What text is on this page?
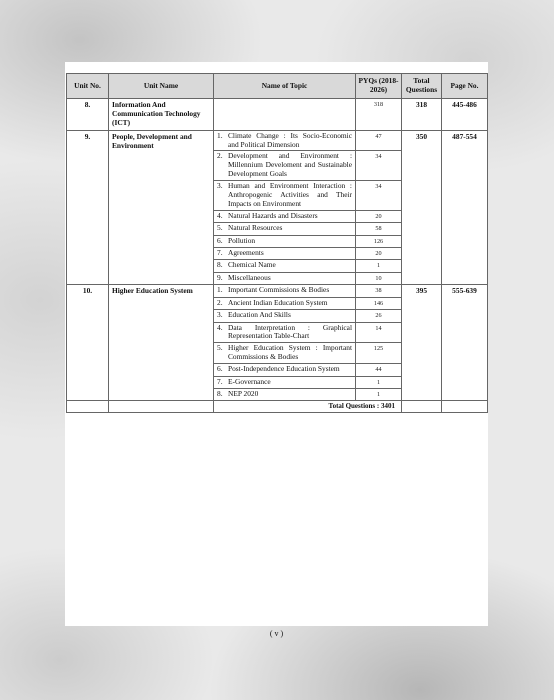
Unit No.	Unit Name	Name of Topic	PYQs (2018-2026)	Total Questions	Page No.
8.	Information And Communication Technology (ICT)		318	318	445-486
9.	People, Development and Environment	1. Climate Change : Its Socio-Economic and Political Dimension	47	350	487-554

		2. Development and Environment : Millennium Develoment and Sustainable Development Goals	34		

		3. Human and Environment Interaction : Anthropogenic Activities and Their Impacts on Environment	34		

		4. Natural Hazards and Disasters	20		

		5. Natural Resources	58		

		6. Pollution	126		

		7. Agreements	20		

		8. Chemical Name	1		

		9. Miscellaneous	10		
10.	Higher Education System	1. Important Commissions & Bodies	38	395	555-639

		2. Ancient Indian Education System	146		

		3. Education And Skills	26		

		4. Data Interpretation : Graphical Representation Table-Chart	14		

		5. Higher Education System : Important Commissions & Bodies	125		

		6. Post-Independence Education System	44		

		7. E-Governance	1		

		8. NEP 2020	1		
		Total Questions : 3401			
( v )
